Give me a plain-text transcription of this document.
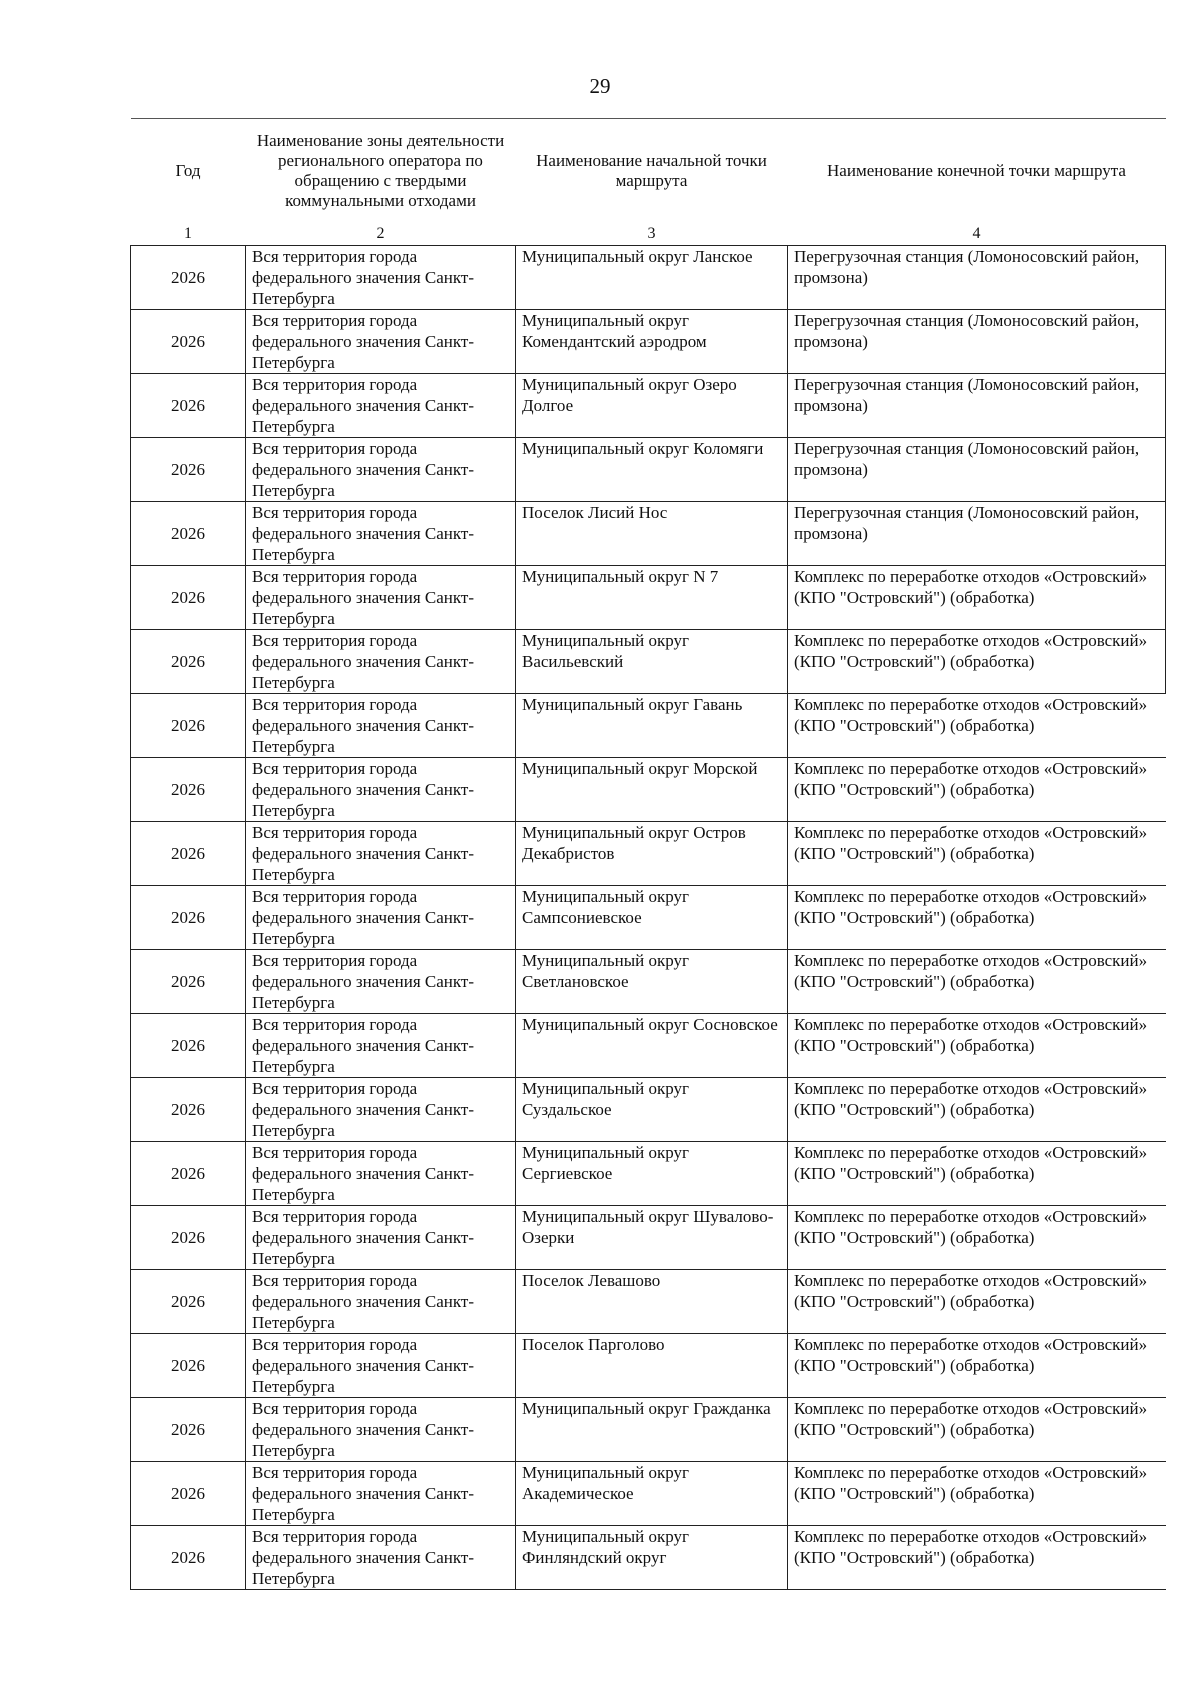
29
Год	Наименование зоны деятельности регионального оператора по обращению с твердыми коммунальными отходами	Наименование начальной точки маршрута	Наименование конечной точки маршрута
1	2	3	4
2026	Вся территория города федерального значения Санкт-Петербурга	Муниципальный округ Ланское	Перегрузочная станция (Ломоносовский район, промзона)
2026	Вся территория города федерального значения Санкт-Петербурга	Муниципальный округ Комендантский аэродром	Перегрузочная станция (Ломоносовский район, промзона)
2026	Вся территория города федерального значения Санкт-Петербурга	Муниципальный округ Озеро Долгое	Перегрузочная станция (Ломоносовский район, промзона)
2026	Вся территория города федерального значения Санкт-Петербурга	Муниципальный округ Коломяги	Перегрузочная станция (Ломоносовский район, промзона)
2026	Вся территория города федерального значения Санкт-Петербурга	Поселок Лисий Нос	Перегрузочная станция (Ломоносовский район, промзона)
2026	Вся территория города федерального значения Санкт-Петербурга	Муниципальный округ N 7	Комплекс по переработке отходов «Островский» (КПО "Островский") (обработка)
2026	Вся территория города федерального значения Санкт-Петербурга	Муниципальный округ Васильевский	Комплекс по переработке отходов «Островский» (КПО "Островский") (обработка)
2026	Вся территория города федерального значения Санкт-Петербурга	Муниципальный округ Гавань	Комплекс по переработке отходов «Островский» (КПО "Островский") (обработка)
2026	Вся территория города федерального значения Санкт-Петербурга	Муниципальный округ Морской	Комплекс по переработке отходов «Островский» (КПО "Островский") (обработка)
2026	Вся территория города федерального значения Санкт-Петербурга	Муниципальный округ Остров Декабристов	Комплекс по переработке отходов «Островский» (КПО "Островский") (обработка)
2026	Вся территория города федерального значения Санкт-Петербурга	Муниципальный округ Сампсониевское	Комплекс по переработке отходов «Островский» (КПО "Островский") (обработка)
2026	Вся территория города федерального значения Санкт-Петербурга	Муниципальный округ Светлановское	Комплекс по переработке отходов «Островский» (КПО "Островский") (обработка)
2026	Вся территория города федерального значения Санкт-Петербурга	Муниципальный округ Сосновское	Комплекс по переработке отходов «Островский» (КПО "Островский") (обработка)
2026	Вся территория города федерального значения Санкт-Петербурга	Муниципальный округ Суздальское	Комплекс по переработке отходов «Островский» (КПО "Островский") (обработка)
2026	Вся территория города федерального значения Санкт-Петербурга	Муниципальный округ Сергиевское	Комплекс по переработке отходов «Островский» (КПО "Островский") (обработка)
2026	Вся территория города федерального значения Санкт-Петербурга	Муниципальный округ Шувалово-Озерки	Комплекс по переработке отходов «Островский» (КПО "Островский") (обработка)
2026	Вся территория города федерального значения Санкт-Петербурга	Поселок Левашово	Комплекс по переработке отходов «Островский» (КПО "Островский") (обработка)
2026	Вся территория города федерального значения Санкт-Петербурга	Поселок Парголово	Комплекс по переработке отходов «Островский» (КПО "Островский") (обработка)
2026	Вся территория города федерального значения Санкт-Петербурга	Муниципальный округ Гражданка	Комплекс по переработке отходов «Островский» (КПО "Островский") (обработка)
2026	Вся территория города федерального значения Санкт-Петербурга	Муниципальный округ Академическое	Комплекс по переработке отходов «Островский» (КПО "Островский") (обработка)
2026	Вся территория города федерального значения Санкт-Петербурга	Муниципальный округ Финляндский округ	Комплекс по переработке отходов «Островский» (КПО "Островский") (обработка)
